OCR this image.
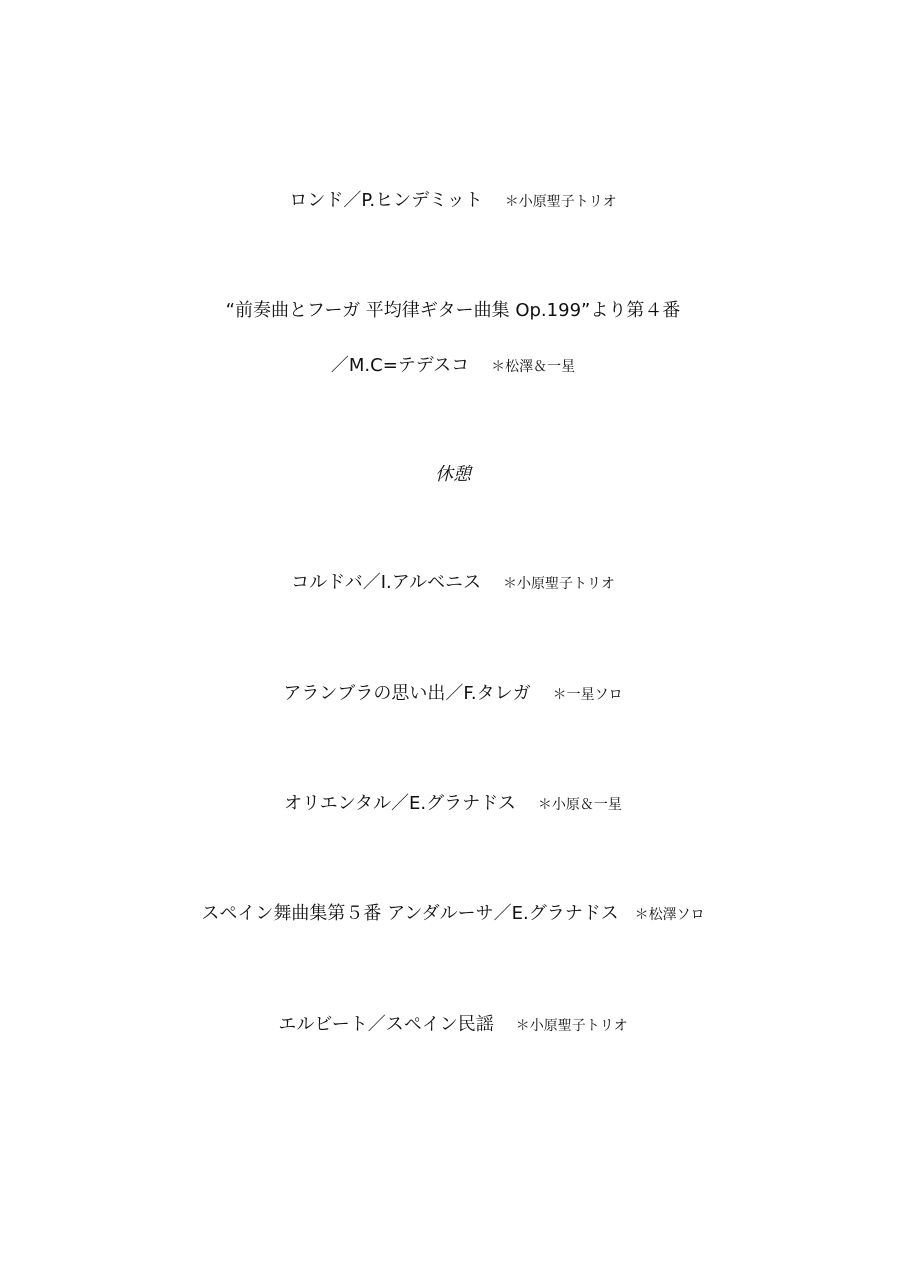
ロンド／P.ヒンデミット ＊小原聖子トリオ
“前奏曲とフーガ 平均律ギター曲集 Op.199”より第４番
／M.C=テデスコ ＊松澤＆一星
休憩
コルドバ／I.アルベニス ＊小原聖子トリオ
アランブラの思い出／F.タレガ ＊一星ソロ
オリエンタル／E.グラナドス ＊小原＆一星
スペイン舞曲集第５番 アンダルーサ／E.グラナドス ＊松澤ソロ
エルビート／スペイン民謡 ＊小原聖子トリオ
